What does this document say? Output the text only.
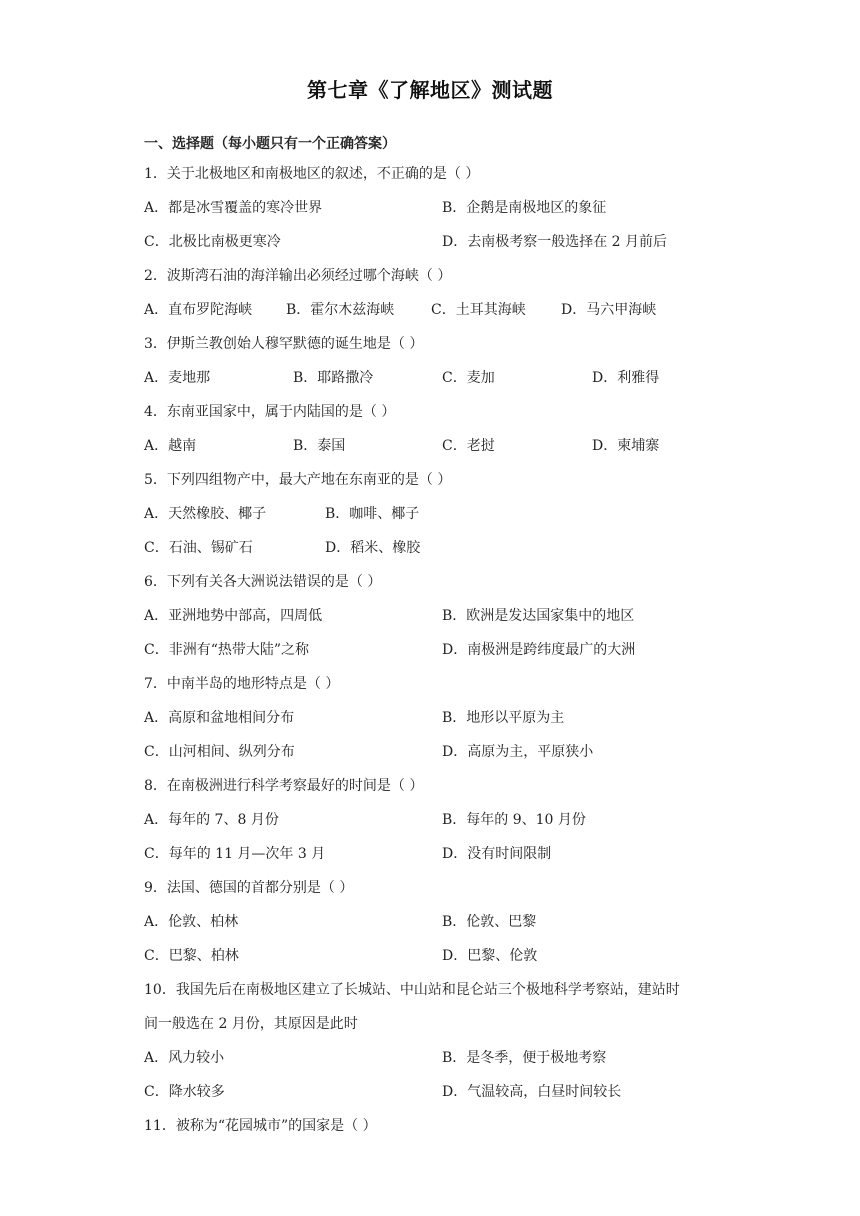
第七章《了解地区》测试题
一、选择题（每小题只有一个正确答案）
1．关于北极地区和南极地区的叙述，不正确的是（ ）
A．都是冰雪覆盖的寒冷世界	B．企鹅是南极地区的象征
C．北极比南极更寒冷	D．去南极考察一般选择在 2 月前后
2．波斯湾石油的海洋输出必须经过哪个海峡（ ）
A．直布罗陀海峡 B．霍尔木兹海峡	C．土耳其海峡	D．马六甲海峡
3．伊斯兰教创始人穆罕默德的诞生地是（ ）
A．麦地那	B．耶路撒冷	C．麦加	D．利雅得
4．东南亚国家中，属于内陆国的是（ ）
A．越南	B．泰国	C．老挝	D．柬埔寨
5．下列四组物产中，最大产地在东南亚的是（ ）
A．天然橡胶、椰子	B．咖啡、椰子
C．石油、锡矿石	D．稻米、橡胶
6．下列有关各大洲说法错误的是（ ）
A．亚洲地势中部高，四周低	B．欧洲是发达国家集中的地区
C．非洲有“热带大陆”之称	D．南极洲是跨纬度最广的大洲
7．中南半岛的地形特点是（ ）
A．高原和盆地相间分布	B．地形以平原为主
C．山河相间、纵列分布	D．高原为主，平原狭小
8．在南极洲进行科学考察最好的时间是（ ）
A．每年的 7、8 月份	B．每年的 9、10 月份
C．每年的 11 月—次年 3 月	D．没有时间限制
9．法国、德国的首都分别是（ ）
A．伦敦、柏林	B．伦敦、巴黎
C．巴黎、柏林	D．巴黎、伦敦
10．我国先后在南极地区建立了长城站、中山站和昆仑站三个极地科学考察站，建站时
间一般选在 2 月份，其原因是此时
A．风力较小	B．是冬季，便于极地考察
C．降水较多	D．气温较高，白昼时间较长
11．被称为“花园城市”的国家是（ ）
